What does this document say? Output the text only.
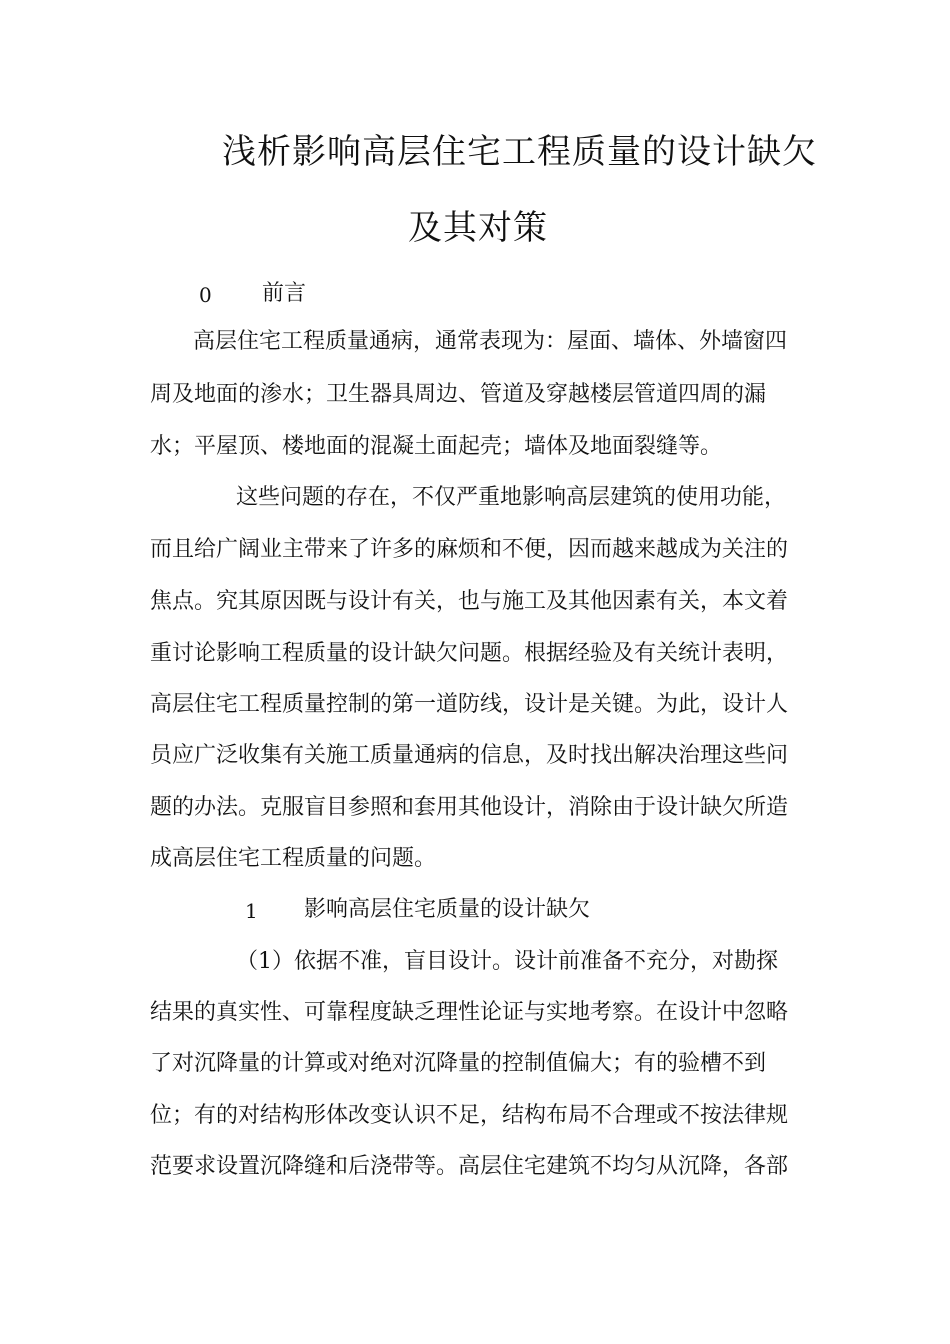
浅析影响高层住宅工程质量的设计缺欠
及其对策
0 前言
高层住宅工程质量通病，通常表现为：屋面、墙体、外墙窗四
周及地面的渗水；卫生器具周边、管道及穿越楼层管道四周的漏
水；平屋顶、楼地面的混凝土面起壳；墙体及地面裂缝等。
这些问题的存在，不仅严重地影响高层建筑的使用功能，
而且给广阔业主带来了许多的麻烦和不便，因而越来越成为关注的
焦点。究其原因既与设计有关，也与施工及其他因素有关，本文着
重讨论影响工程质量的设计缺欠问题。根据经验及有关统计表明，
高层住宅工程质量控制的第一道防线，设计是关键。为此，设计人
员应广泛收集有关施工质量通病的信息，及时找出解决治理这些问
题的办法。克服盲目参照和套用其他设计，消除由于设计缺欠所造
成高层住宅工程质量的问题。
1 影响高层住宅质量的设计缺欠
（1）依据不准，盲目设计。设计前准备不充分，对勘探
结果的真实性、可靠程度缺乏理性论证与实地考察。在设计中忽略
了对沉降量的计算或对绝对沉降量的控制值偏大；有的验槽不到
位；有的对结构形体改变认识不足，结构布局不合理或不按法律规
范要求设置沉降缝和后浇带等。高层住宅建筑不均匀从沉降，各部
